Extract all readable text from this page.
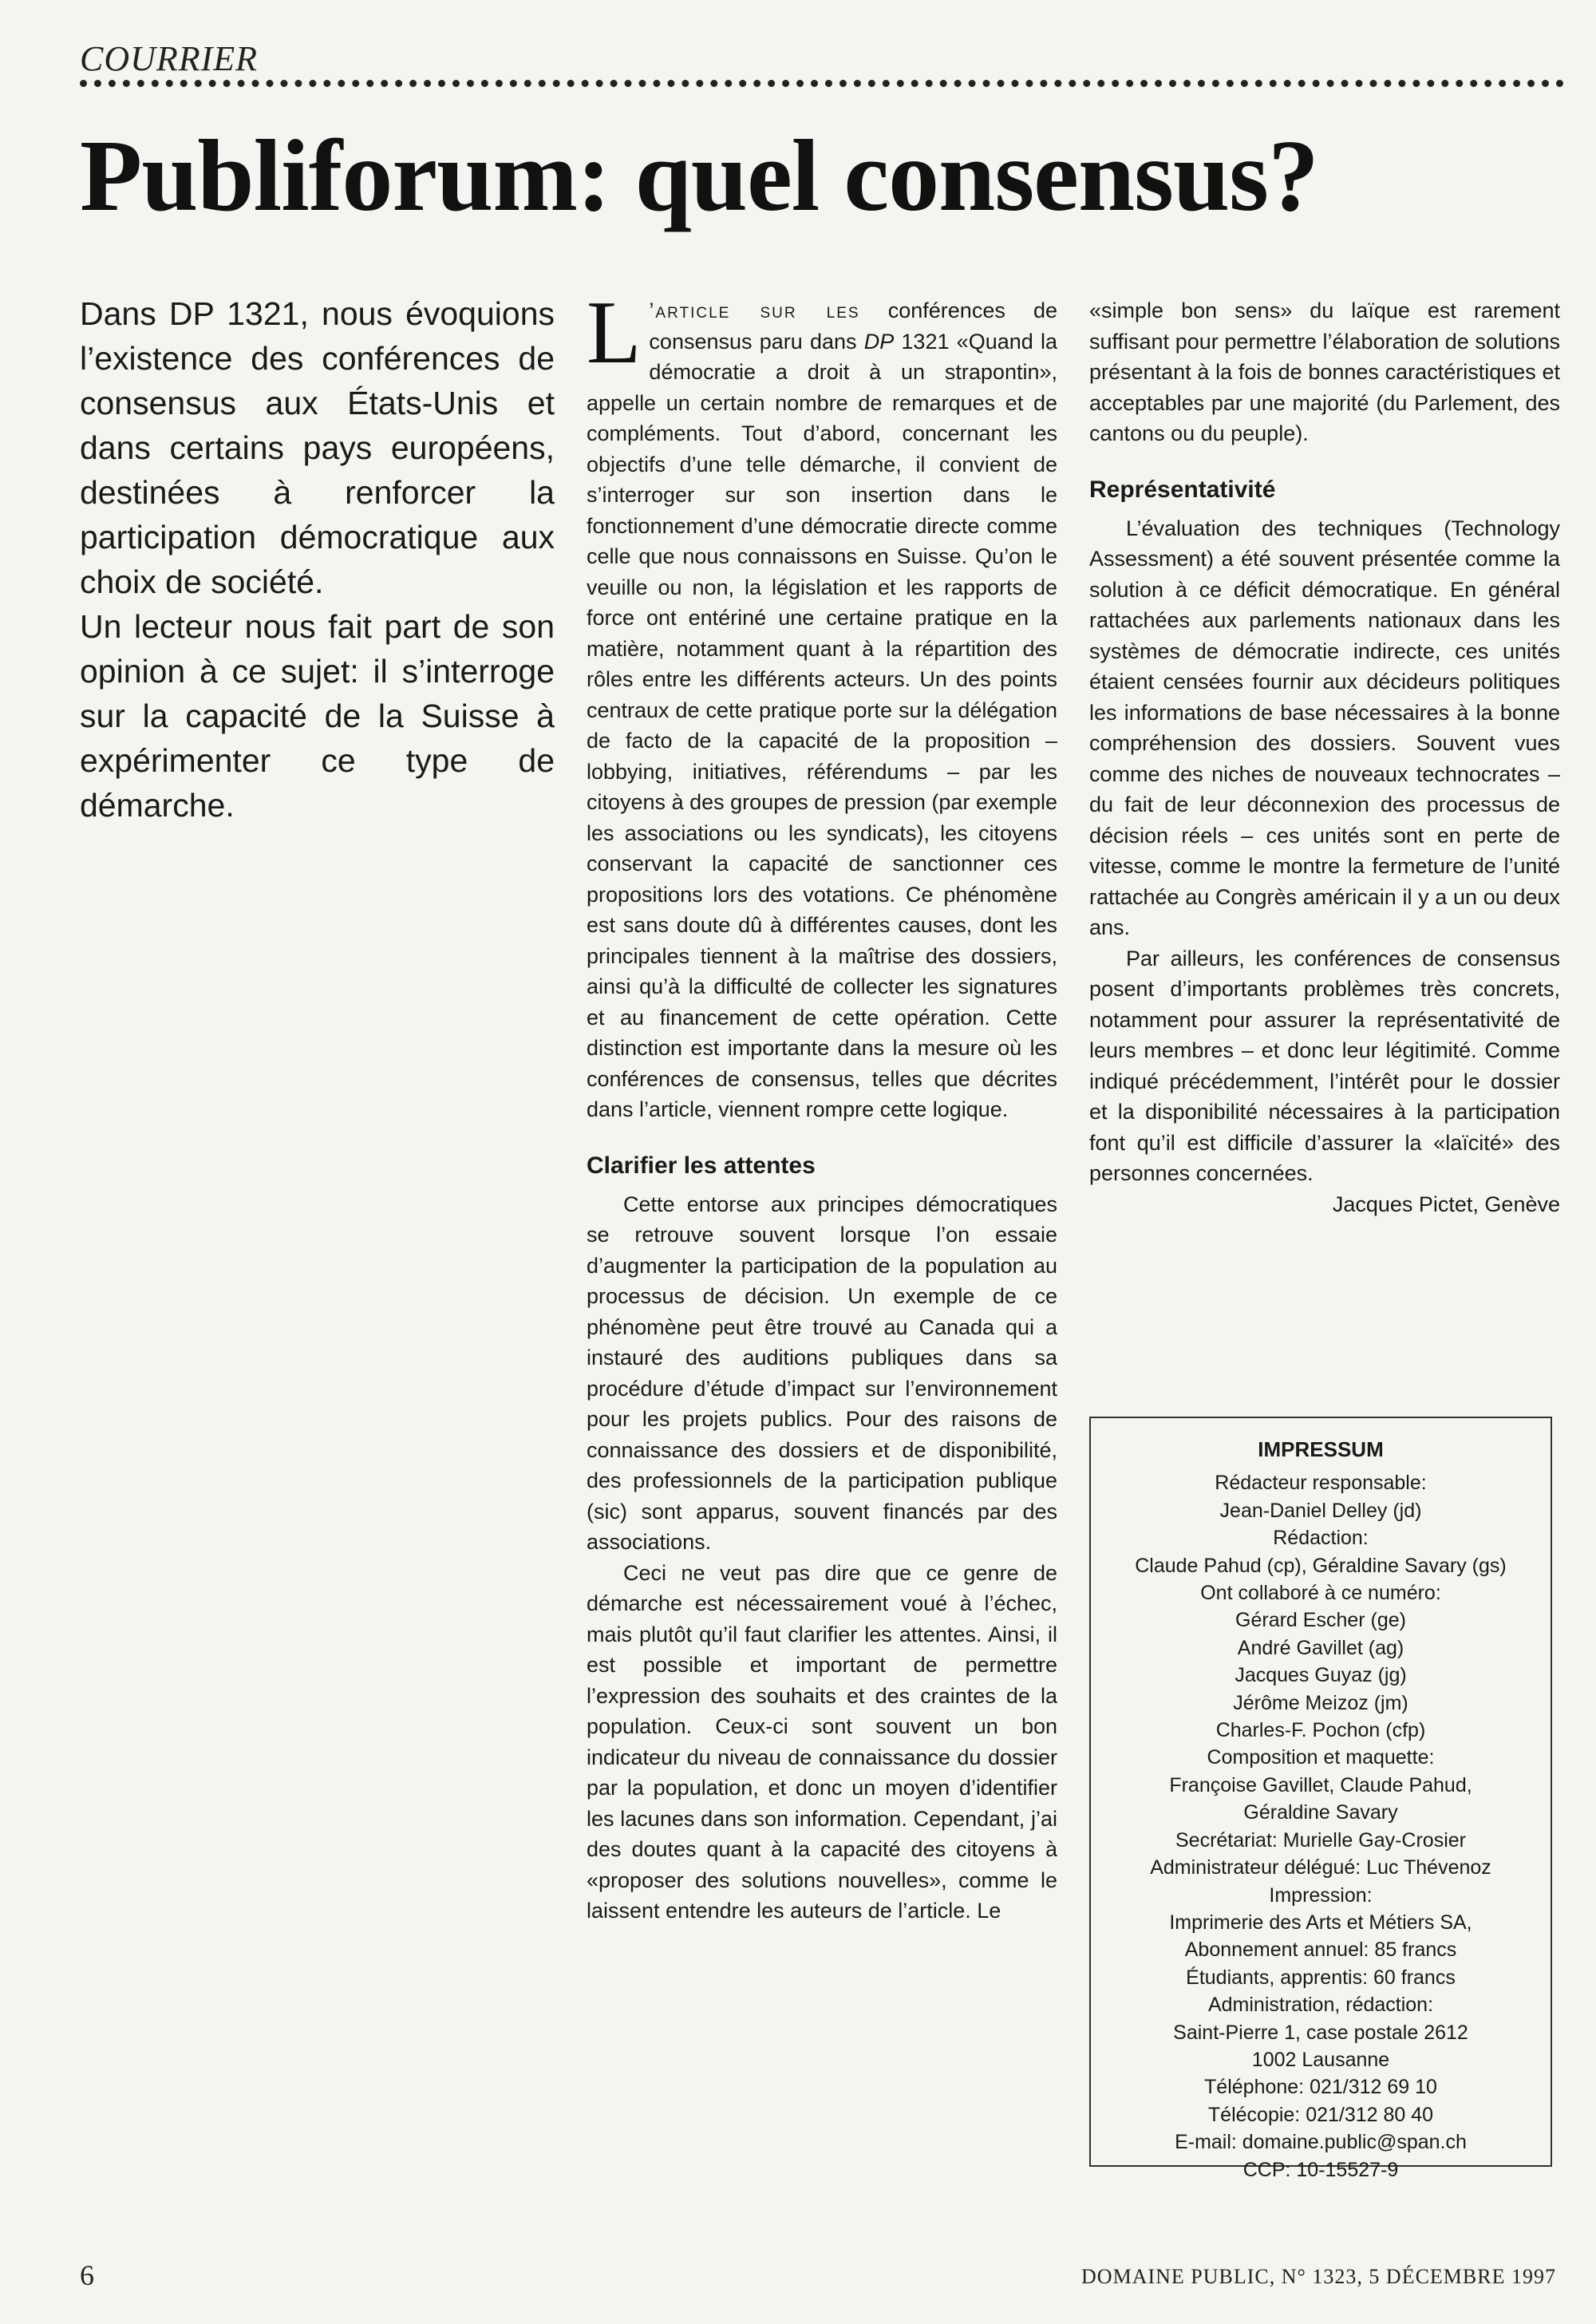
COURRIER
Publiforum: quel consensus?

Dans DP 1321, nous évoquions l’existence des conférences de consensus aux États-Unis et dans certains pays européens, destinées à renforcer la participation démocratique aux choix de société.

Un lecteur nous fait part de son opinion à ce sujet: il s’interroge sur la capacité de la Suisse à expérimenter ce type de démarche.

L ’article sur les conférences de consensus paru dans DP 1321 «Quand la démocratie a droit à un strapontin», appelle un certain nombre de remarques et de compléments. Tout d’abord, concernant les objectifs d’une telle démarche, il convient de s’interroger sur son insertion dans le fonctionnement d’une démocratie directe comme celle que nous connaissons en Suisse. Qu’on le veuille ou non, la législation et les rapports de force ont entériné une certaine pratique en la matière, notamment quant à la répartition des rôles entre les différents acteurs. Un des points centraux de cette pratique porte sur la délégation de facto de la capacité de la proposition – lobbying, initiatives, référendums – par les citoyens à des groupes de pression (par exemple les associations ou les syndicats), les citoyens conservant la capacité de sanctionner ces propositions lors des votations. Ce phénomène est sans doute dû à différentes causes, dont les principales tiennent à la maîtrise des dossiers, ainsi qu’à la difficulté de collecter les signatures et au financement de cette opération. Cette distinction est importante dans la mesure où les conférences de consensus, telles que décrites dans l’article, viennent rompre cette logique.

Clarifier les attentes

Cette entorse aux principes démocratiques se retrouve souvent lorsque l’on essaie d’augmenter la participation de la population au processus de décision. Un exemple de ce phénomène peut être trouvé au Canada qui a instauré des auditions publiques dans sa procédure d’étude d’impact sur l’environnement pour les projets publics. Pour des raisons de connaissance des dossiers et de disponibilité, des professionnels de la participation publique (sic) sont apparus, souvent financés par des associations.

Ceci ne veut pas dire que ce genre de démarche est nécessairement voué à l’échec, mais plutôt qu’il faut clarifier les attentes. Ainsi, il est possible et important de permettre l’expression des souhaits et des craintes de la population. Ceux-ci sont souvent un bon indicateur du niveau de connaissance du dossier par la population, et donc un moyen d’identifier les lacunes dans son information. Cependant, j’ai des doutes quant à la capacité des citoyens à «proposer des solutions nouvelles», comme le laissent entendre les auteurs de l’article. Le

«simple bon sens» du laïque est rarement suffisant pour permettre l’élaboration de solutions présentant à la fois de bonnes caractéristiques et acceptables par une majorité (du Parlement, des cantons ou du peuple).

Représentativité

L’évaluation des techniques (Technology Assessment) a été souvent présentée comme la solution à ce déficit démocratique. En général rattachées aux parlements nationaux dans les systèmes de démocratie indirecte, ces unités étaient censées fournir aux décideurs politiques les informations de base nécessaires à la bonne compréhension des dossiers. Souvent vues comme des niches de nouveaux technocrates – du fait de leur déconnexion des processus de décision réels – ces unités sont en perte de vitesse, comme le montre la fermeture de l’unité rattachée au Congrès américain il y a un ou deux ans.

Par ailleurs, les conférences de consensus posent d’importants problèmes très concrets, notamment pour assurer la représentativité de leurs membres – et donc leur légitimité. Comme indiqué précédemment, l’intérêt pour le dossier et la disponibilité nécessaires à la participation font qu’il est difficile d’assurer la «laïcité» des personnes concernées.

Jacques Pictet, Genève

IMPRESSUM
Rédacteur responsable:
Jean-Daniel Delley (jd)
Rédaction:
Claude Pahud (cp), Géraldine Savary (gs)
Ont collaboré à ce numéro:
Gérard Escher (ge)
André Gavillet (ag)
Jacques Guyaz (jg)
Jérôme Meizoz (jm)
Charles-F. Pochon (cfp)
Composition et maquette:
Françoise Gavillet, Claude Pahud,
Géraldine Savary
Secrétariat: Murielle Gay-Crosier
Administrateur délégué: Luc Thévenoz
Impression:
Imprimerie des Arts et Métiers SA,
Abonnement annuel: 85 francs
Étudiants, apprentis: 60 francs
Administration, rédaction:
Saint-Pierre 1, case postale 2612
1002 Lausanne
Téléphone: 021/312 69 10
Télécopie: 021/312 80 40
E-mail: domaine.public@span.ch
CCP: 10-15527-9
6	DOMAINE PUBLIC, N° 1323, 5 DÉCEMBRE 1997
